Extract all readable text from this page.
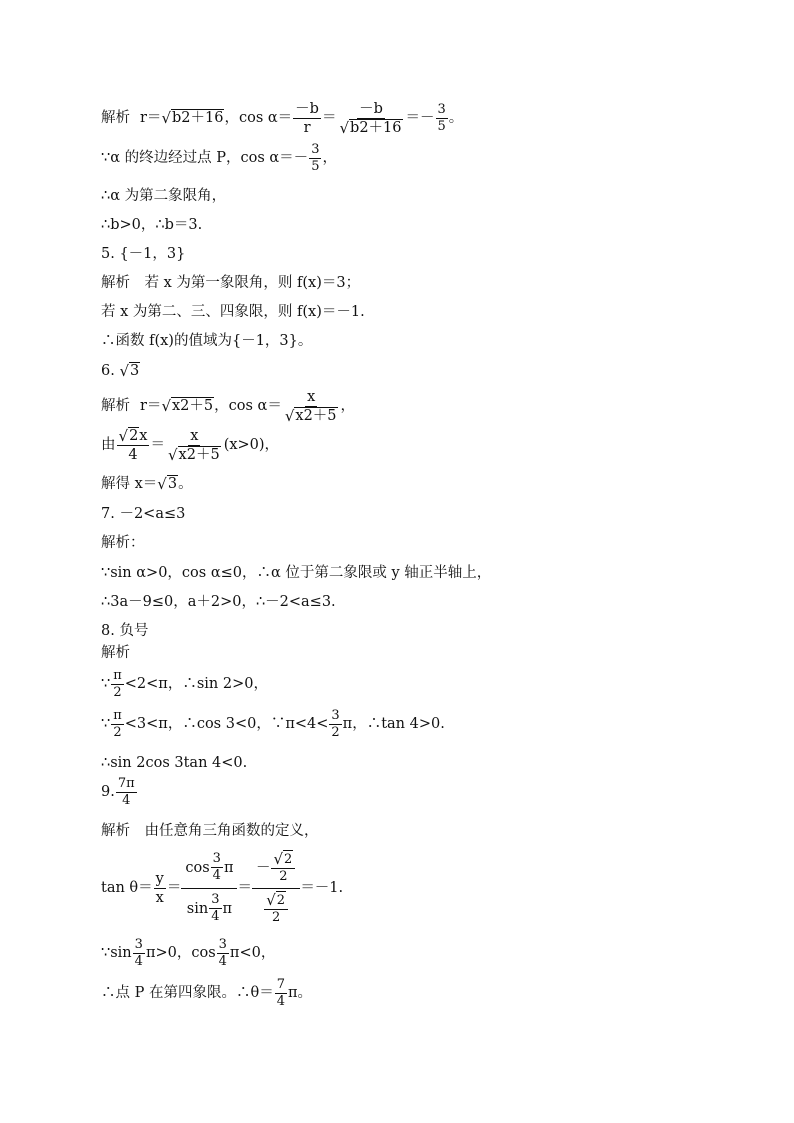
解析 r＝ √ b2＋16 ，$\cos \alpha= \frac{-b}{r} = \frac{-b}{√ b2+16} =- \frac{3}{5}$ 。
∵α 的终边经过点 P，$\cos \alpha=- \frac{3}{5}$ ，
∴α 为第二象限角，
∴b>0，∴b＝3.
5. {－1，3}
解析　若 x 为第一象限角，则 f(x)＝3；
若 x 为第二、三、四象限，则 f(x)＝－1.
∴函数 f(x)的值域为{－1，3}。
6. √ 3
解析 r＝ √ x2＋5 ，$\cos \alpha= \frac{x}{√ x2+5}$ ，
由 $\frac{√ 2 x}{4} = \frac{x}{√ x2+5} (x>0)$，
解得 x＝ √ 3 。
7. －2<a≤3
解析：
∵sin α>0，cos α≤0，∴α 位于第二象限或 y 轴正半轴上，
∴3a－9≤0，a＋2>0，∴－2<a≤3.
8. 负号
解析
∵ $\frac{\pi}{2} <2<\pi$，∴sin 2>0，
∵ $\frac{\pi}{2} <3<\pi$，∴cos 3<0，∵π<4< $\frac{3}{2}$ π，∴tan 4>0.
∴sin 2cos 3tan 4<0.
9. $\frac{7\pi}{4}$
解析　由任意角三角函数的定义，
$\tan \theta= \frac{y}{x} = \frac{\cos \frac{3}{4} \pi}{\sin \frac{3}{4} \pi} = \frac{- \frac{√ 2}{2}}{\frac{√ 2}{2}} =-1$.
∵sin $\frac{3}{4} \pi>0$，$\cos \frac{3}{4} \pi<0$，
∴点 P 在第四象限。∴θ＝ $\frac{7}{4}$ π。
